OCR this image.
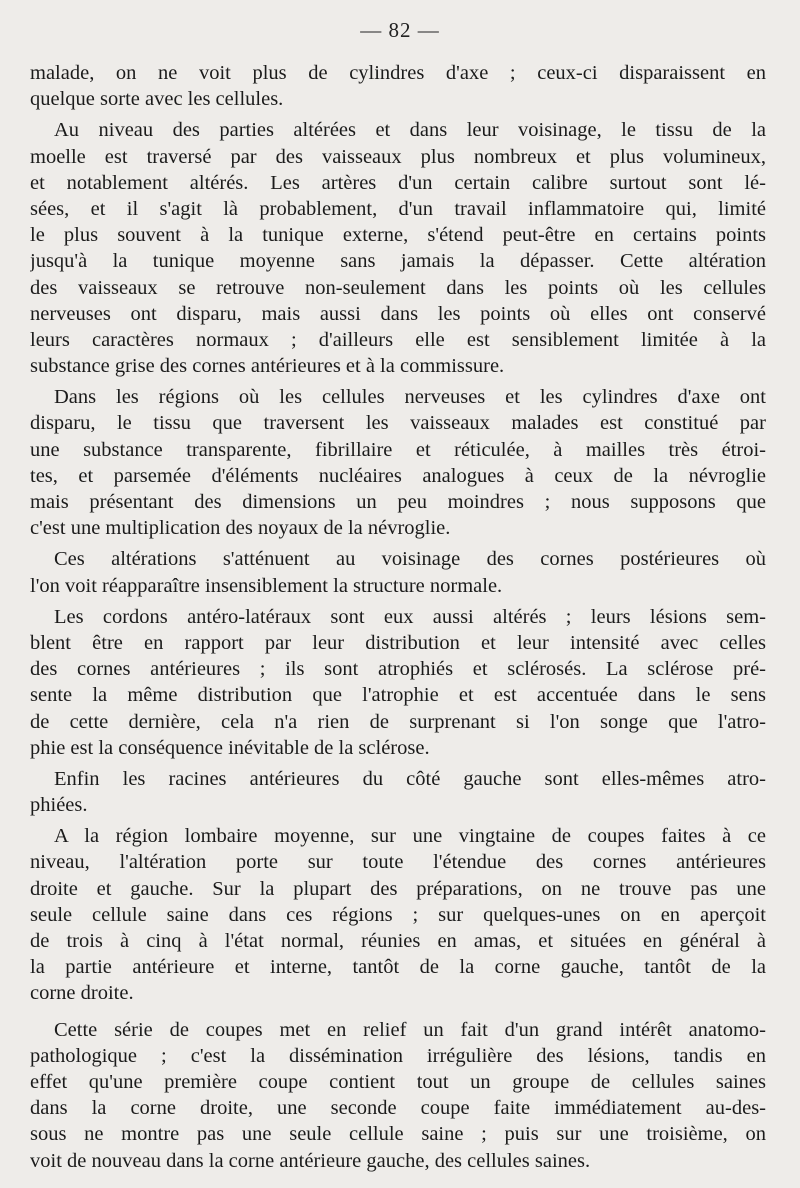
— 82 —
malade, on ne voit plus de cylindres d'axe ; ceux-ci disparaissent en
quelque sorte avec les cellules.
Au niveau des parties altérées et dans leur voisinage, le tissu de la
moelle est traversé par des vaisseaux plus nombreux et plus volumineux,
et notablement altérés. Les artères d'un certain calibre surtout sont lé-
sées, et il s'agit là probablement, d'un travail inflammatoire qui, limité
le plus souvent à la tunique externe, s'étend peut-être en certains points
jusqu'à la tunique moyenne sans jamais la dépasser. Cette altération
des vaisseaux se retrouve non-seulement dans les points où les cellules
nerveuses ont disparu, mais aussi dans les points où elles ont conservé
leurs caractères normaux ; d'ailleurs elle est sensiblement limitée à la
substance grise des cornes antérieures et à la commissure.
Dans les régions où les cellules nerveuses et les cylindres d'axe ont
disparu, le tissu que traversent les vaisseaux malades est constitué par
une substance transparente, fibrillaire et réticulée, à mailles très étroi-
tes, et parsemée d'éléments nucléaires analogues à ceux de la névroglie
mais présentant des dimensions un peu moindres ; nous supposons que
c'est une multiplication des noyaux de la névroglie.
Ces altérations s'atténuent au voisinage des cornes postérieures où
l'on voit réapparaître insensiblement la structure normale.
Les cordons antéro-latéraux sont eux aussi altérés ; leurs lésions sem-
blent être en rapport par leur distribution et leur intensité avec celles
des cornes antérieures ; ils sont atrophiés et sclérosés. La sclérose pré-
sente la même distribution que l'atrophie et est accentuée dans le sens
de cette dernière, cela n'a rien de surprenant si l'on songe que l'atro-
phie est la conséquence inévitable de la sclérose.
Enfin les racines antérieures du côté gauche sont elles-mêmes atro-
phiées.
A la région lombaire moyenne, sur une vingtaine de coupes faites à ce
niveau, l'altération porte sur toute l'étendue des cornes antérieures
droite et gauche. Sur la plupart des préparations, on ne trouve pas une
seule cellule saine dans ces régions ; sur quelques-unes on en aperçoit
de trois à cinq à l'état normal, réunies en amas, et situées en général à
la partie antérieure et interne, tantôt de la corne gauche, tantôt de la
corne droite.
Cette série de coupes met en relief un fait d'un grand intérêt anatomo-
pathologique ; c'est la dissémination irrégulière des lésions, tandis en
effet qu'une première coupe contient tout un groupe de cellules saines
dans la corne droite, une seconde coupe faite immédiatement au-des-
sous ne montre pas une seule cellule saine ; puis sur une troisième, on
voit de nouveau dans la corne antérieure gauche, des cellules saines.
